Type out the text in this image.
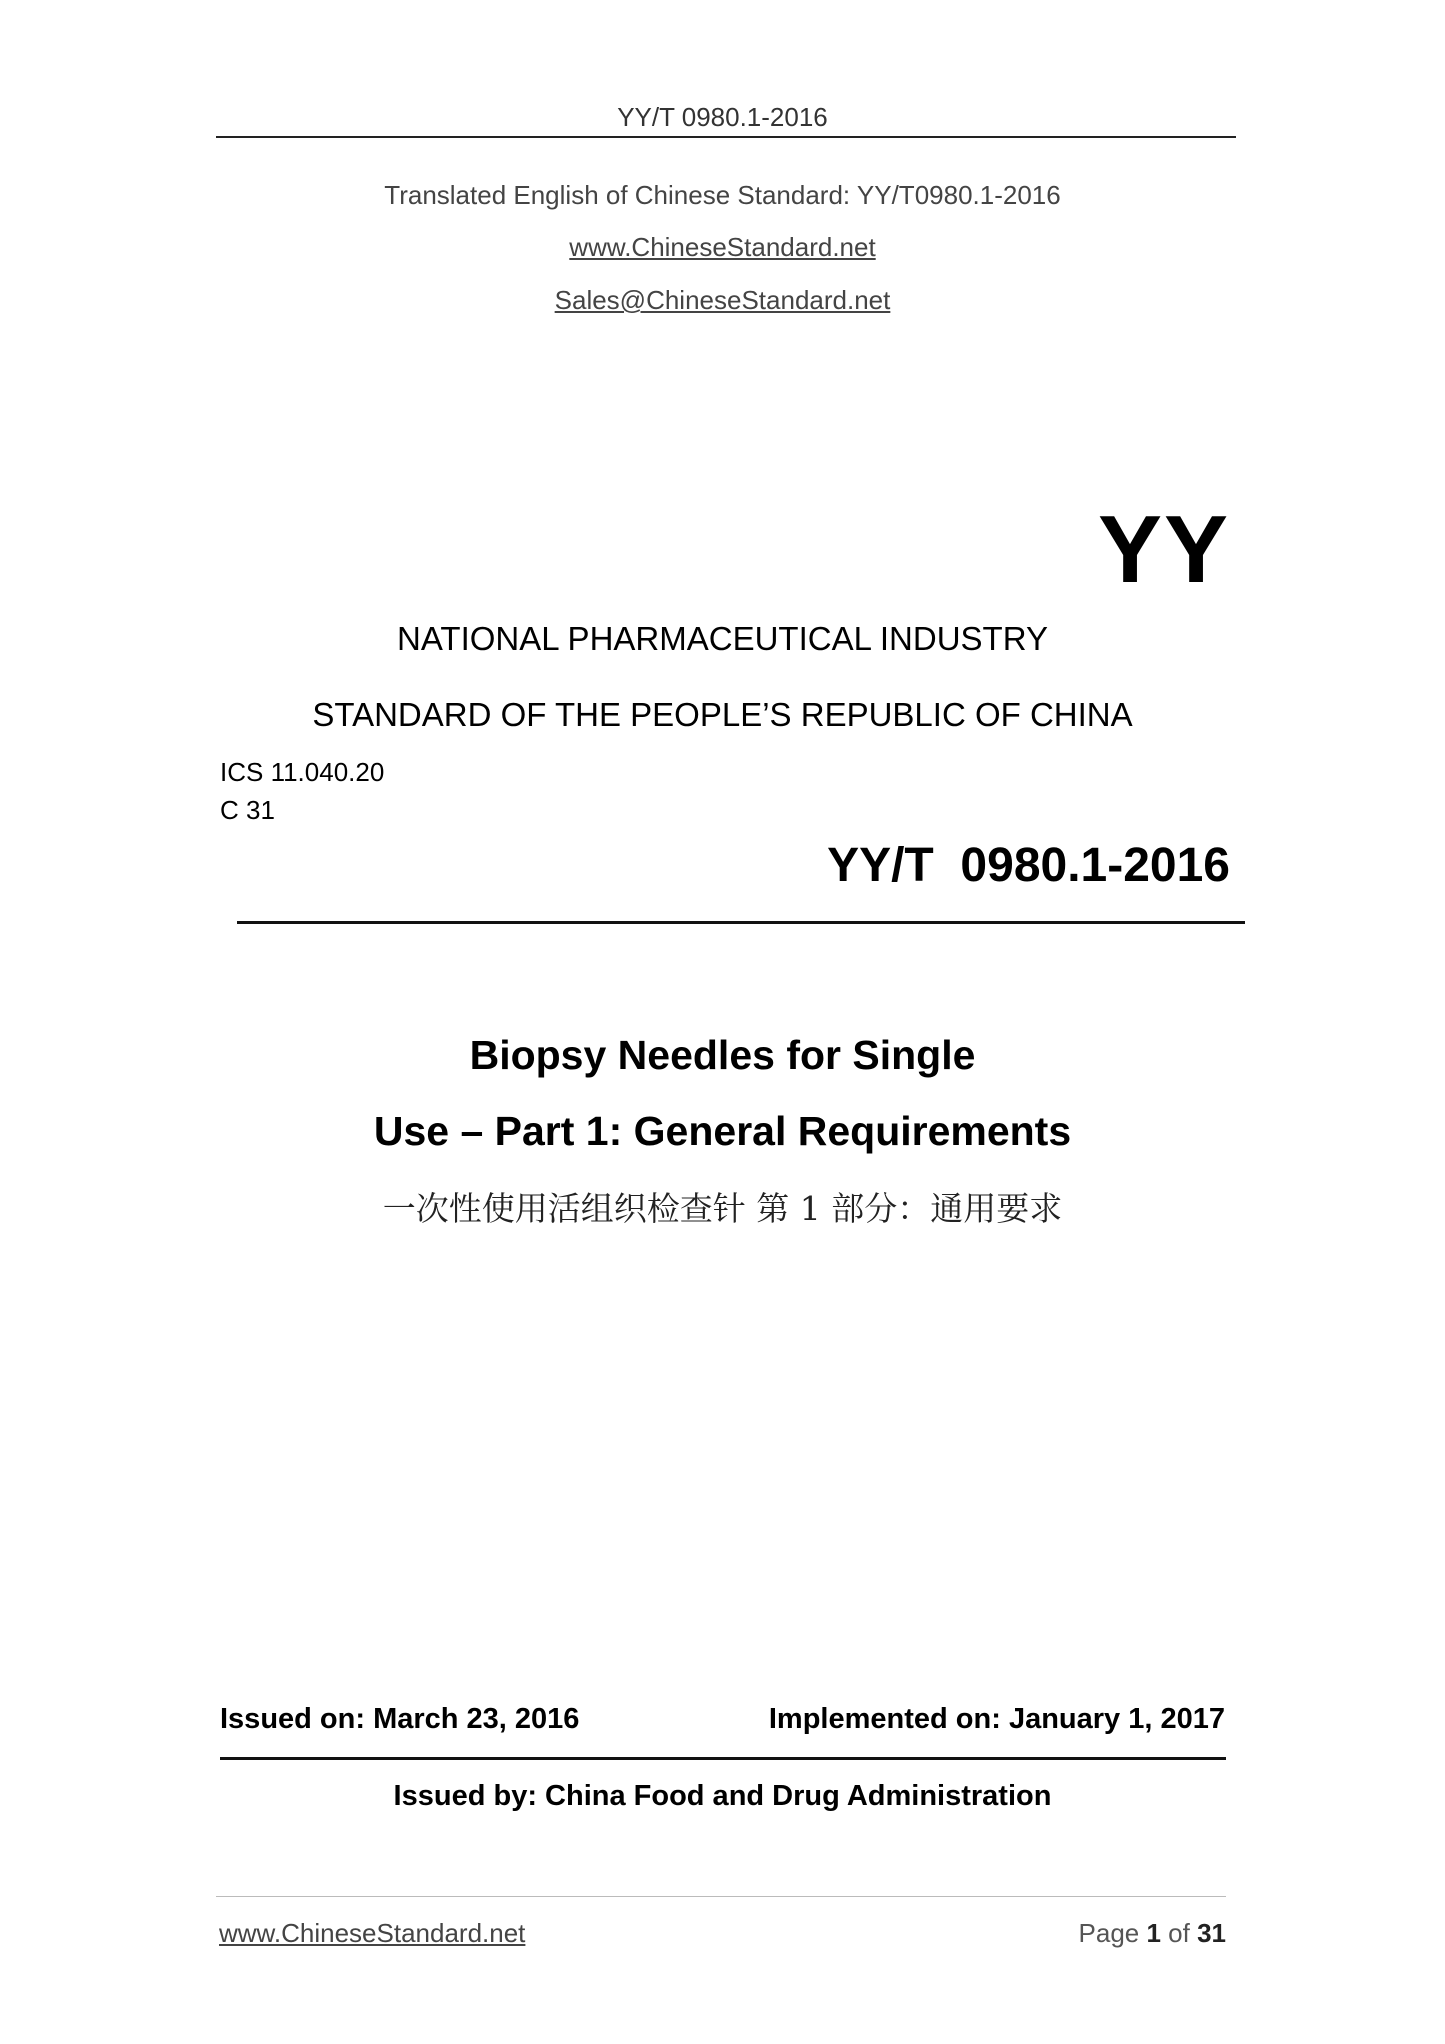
YY/T 0980.1-2016
Translated English of Chinese Standard: YY/T0980.1-2016
www.ChineseStandard.net
Sales@ChineseStandard.net
YY
NATIONAL PHARMACEUTICAL INDUSTRY
STANDARD OF THE PEOPLE’S REPUBLIC OF CHINA
ICS 11.040.20
C 31
YY/T  0980.1-2016
Biopsy Needles for Single
Use – Part 1: General Requirements
一次性使用活组织检查针 第 1 部分：通用要求
Issued on: March 23, 2016	Implemented on: January 1, 2017
Issued by: China Food and Drug Administration
www.ChineseStandard.net	Page 1 of 31
